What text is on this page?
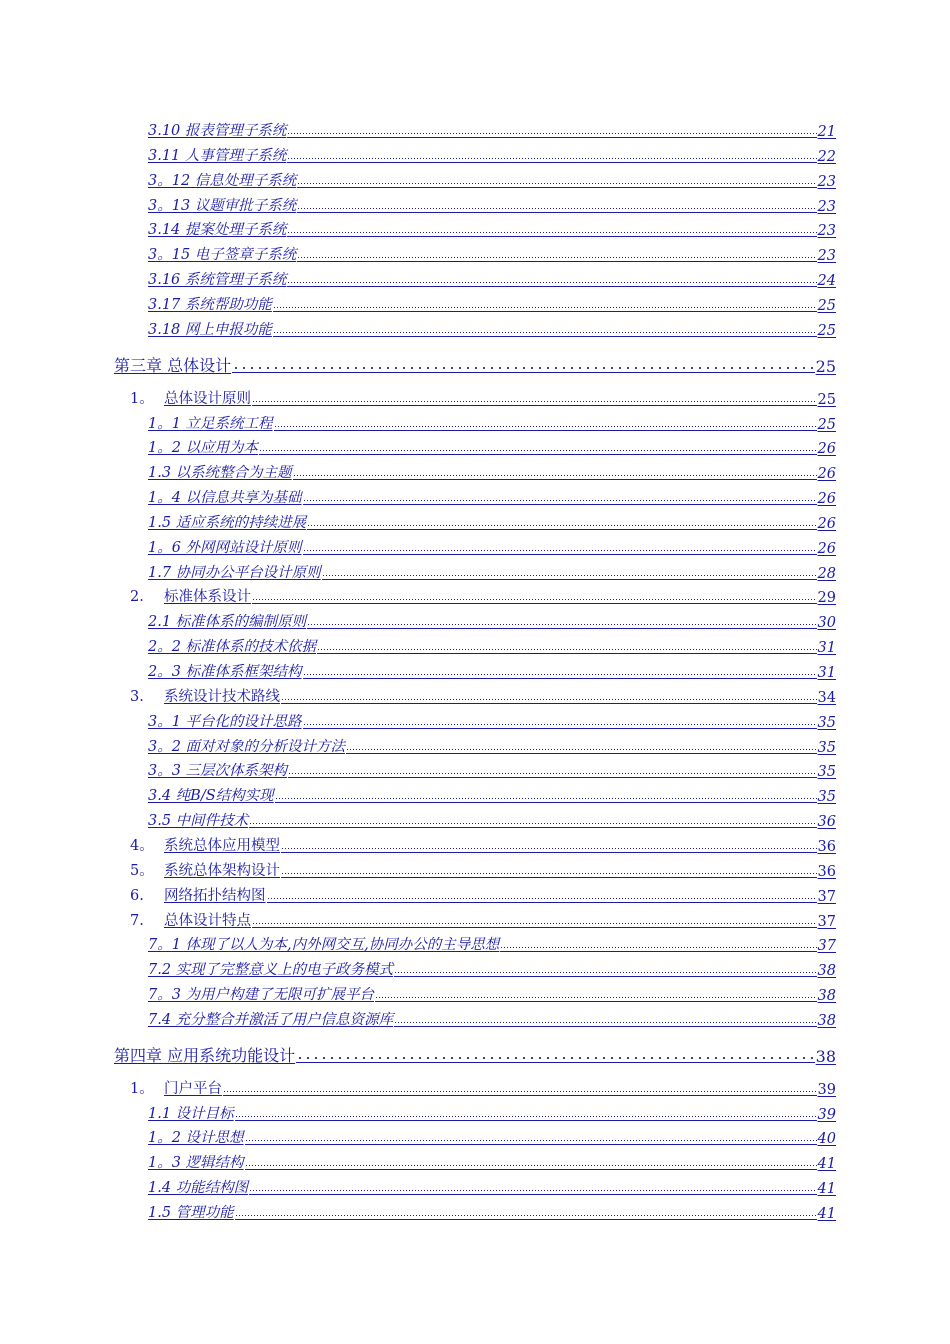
3.10 报表管理子系统	21
3.11 人事管理子系统	22
3。12 信息处理子系统	23
3。13 议题审批子系统	23
3.14 提案处理子系统	23
3。15 电子签章子系统	23
3.16 系统管理子系统	24
3.17 系统帮助功能	25
3.18 网上申报功能	25
第三章 总体设计	25
1。 总体设计原则	25
1。1 立足系统工程	25
1。2 以应用为本	26
1.3 以系统整合为主题	26
1。4 以信息共享为基础	26
1.5 适应系统的持续进展	26
1。6 外网网站设计原则	26
1.7 协同办公平台设计原则	28
2. 标准体系设计	29
2.1 标准体系的编制原则	30
2。2 标准体系的技术依据	31
2。3 标准体系框架结构	31
3. 系统设计技术路线	34
3。1 平台化的设计思路	35
3。2 面对对象的分析设计方法	35
3。3 三层次体系架构	35
3.4 纯B/S结构实现	35
3.5 中间件技术	36
4。 系统总体应用模型	36
5。 系统总体架构设计	36
6. 网络拓扑结构图	37
7. 总体设计特点	37
7。1 体现了以人为本,内外网交互,协同办公的主导思想	37
7.2 实现了完整意义上的电子政务模式	38
7。3 为用户构建了无限可扩展平台	38
7.4 充分整合并激活了用户信息资源库	38
第四章 应用系统功能设计	38
1。 门户平台	39
1.1 设计目标	39
1。2 设计思想	40
1。3 逻辑结构	41
1.4 功能结构图	41
1.5 管理功能	41
